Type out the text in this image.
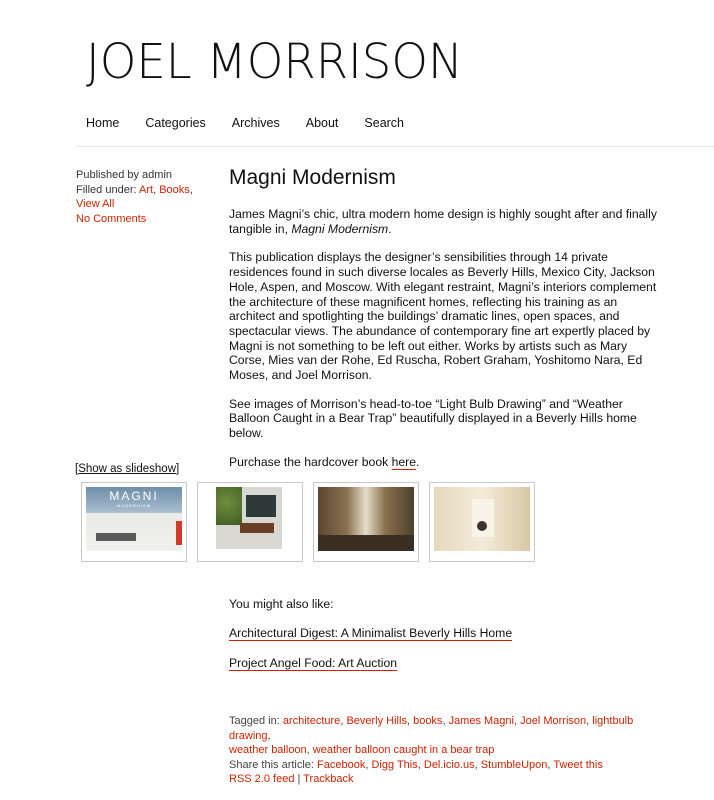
JOEL MORRISON
Home Categories Archives About Search
Published by admin
Filled under: Art, Books,
View All
No Comments
Magni Modernism

James Magni’s chic, ultra modern home design is highly sought after and finally tangible in, Magni Modernism.

This publication displays the designer’s sensibilities through 14 private residences found in such diverse locales as Beverly Hills, Mexico City, Jackson Hole, Aspen, and Moscow. With elegant restraint, Magni’s interiors complement the architecture of these magnificent homes, reflecting his training as an architect and spotlighting the buildings’ dramatic lines, open spaces, and spectacular views. The abundance of contemporary fine art expertly placed by Magni is not something to be left out either. Works by artists such as Mary Corse, Mies van der Rohe, Ed Ruscha, Robert Graham, Yoshitomo Nara, Ed Moses, and Joel Morrison.

See images of Morrison’s head-to-toe “Light Bulb Drawing” and “Weather Balloon Caught in a Bear Trap” beautifully displayed in a Beverly Hills home below.

Purchase the hardcover book here.

[Show as slideshow]
MAGNI
MODERNISM
You might also like:
Architectural Digest: A Minimalist Beverly Hills Home
Project Angel Food: Art Auction

Tagged in: architecture, Beverly Hills, books, James Magni, Joel Morrison, lightbulb drawing,
weather balloon, weather balloon caught in a bear trap

Share this article: Facebook, Digg This, Del.icio.us, StumbleUpon, Tweet this

RSS 2.0 feed | Trackback
